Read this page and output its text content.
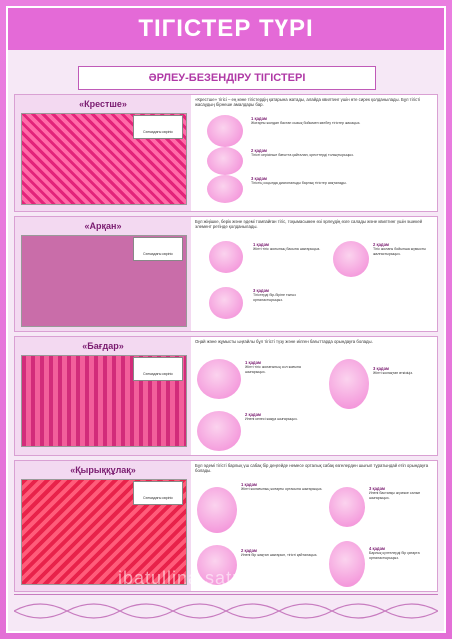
ТІГІСТЕР ТҮРІ
ӘРЛЕУ-БЕЗЕНДІРУ ТІГІСТЕРІ
«Крестше»
Схемадағы көрініс
«Крестше» тігісі – ең көне тігістердің қатарына жатады, алайда квилтинг үшін өте сирек қолданылады. Бұл тігісті жасаудың бірнеше амалдары бар.
1 қадам
Жоғарғы жолдан бастап сызық бойымен көлбеу тігістер жасаңыз.
2 қадам
Тігісті керісінше бағытта қайталап, кресттерді толықтырыңыз.
3 қадам
Тігістің соңында диагональды барлық тігістер аяқталады.
«Арқан»
Схемадағы көрініс
Бұл жіңішке, берік және әдемі томпайған тігіс, тоқымасымен өзі әрлеудің өзге салады және квилтинг үшін әшекей элемент ретінде қолданылады.
1 қадам
Жіпті тігіс жолының басына шығарыңыз.
3 қадам
Тігістерді бір-біріне тығыз орналастырыңыз.
2 қадам
Тігіс жолағы бойынша жүмысты жалғастырыңыз.
«Бағдар»
Схемадағы көрініс
Оңай және жұмысты ыңғайлы бұл тігісті түзу және иілген бағыттарда орындауға болады.
1 қадам
Жіпті тігіс жолағының сол жағына шығарыңыз.
2 қадам
Инені келесі жаққа шығарыңыз.
3 қадам
Жіпті жолақтан өткізіңіз.
«Қырыққұлақ»
Схемадағы көрініс
Бұл әдемі тігісті барлық үш сабақ бір деңгейде немесе орталық сабақ өзгелерден шығып тұратындай етіп орындауға болады.
1 қадам
Жіпті жолағының жоғарғы ортасына шығарыңыз.
2 қадам
Инені бір жақтан шығарып, тігісті қайталаңыз.
3 қадам
Инені бастапқы жүзекке салып шығарыңыз.
4 қадам
Барлық күлтелерді бір қатарға орналастырыңыз.
ibatullina.satu.kz
